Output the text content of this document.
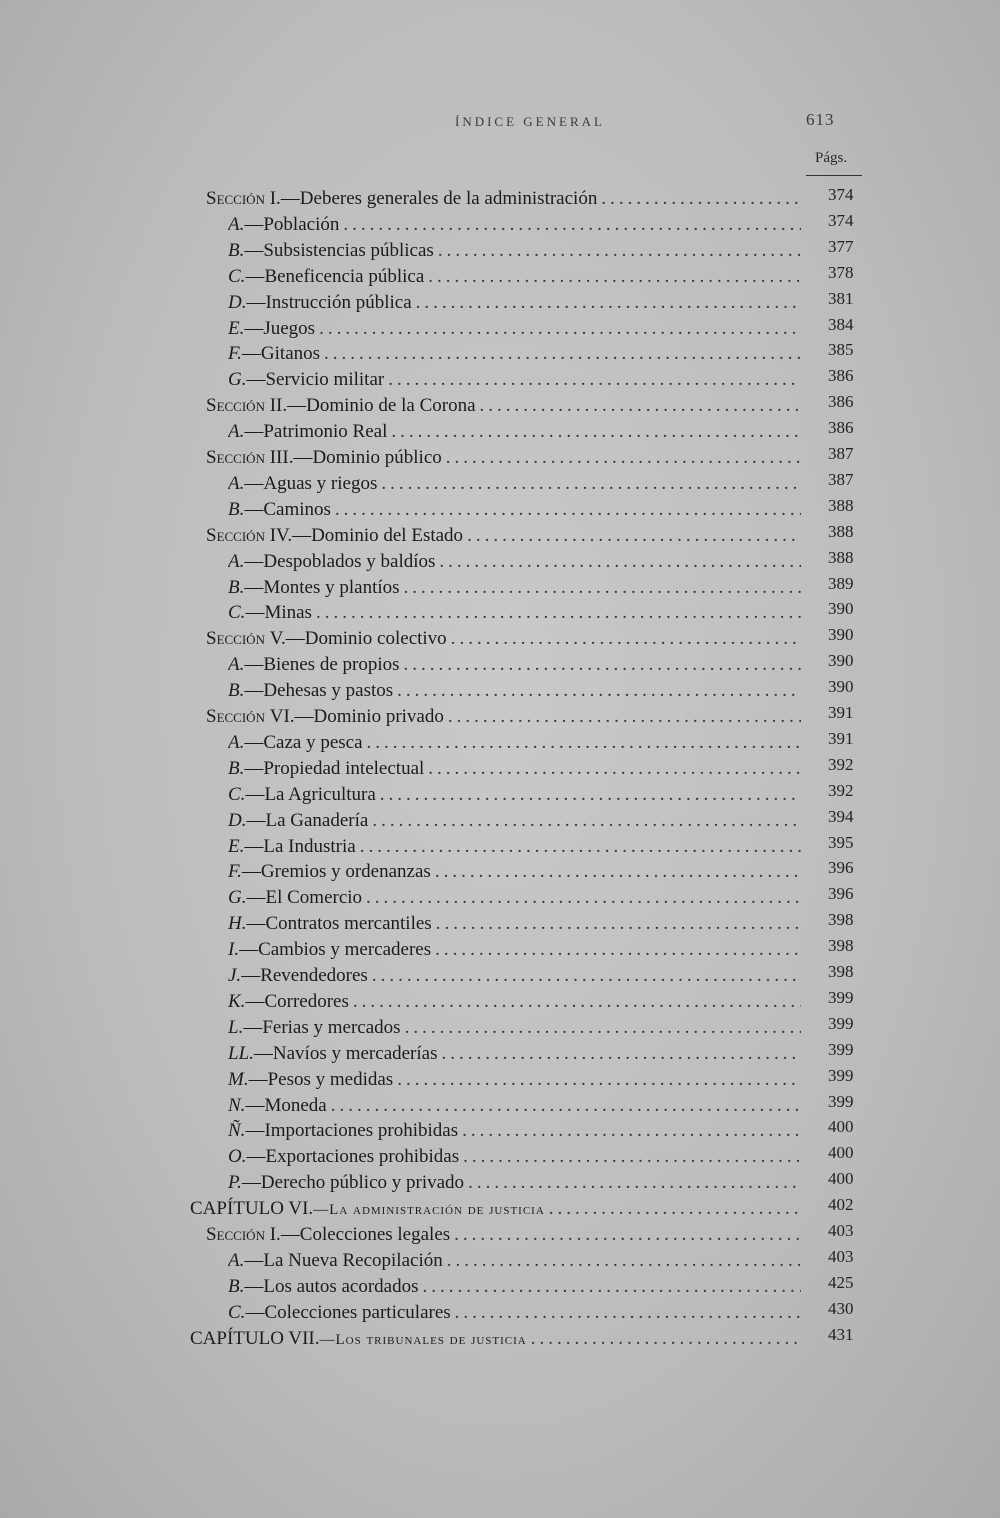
ÍNDICE GENERAL	613
Págs.
Sección I.—Deberes generales de la administración .....	374
A.—Población .....	374
B.—Subsistencias públicas .....	377
C.—Beneficencia pública .....	378
D.—Instrucción pública .....	381
E.—Juegos .....	384
F.—Gitanos .....	385
G.—Servicio militar .....	386
Sección II.—Dominio de la Corona .....	386
A.—Patrimonio Real .....	386
Sección III.—Dominio público .....	387
A.—Aguas y riegos .....	387
B.—Caminos .....	388
Sección IV.—Dominio del Estado .....	388
A.—Despoblados y baldíos .....	388
B.—Montes y plantíos .....	389
C.—Minas .....	390
Sección V.—Dominio colectivo .....	390
A.—Bienes de propios .....	390
B.—Dehesas y pastos .....	390
Sección VI.—Dominio privado .....	391
A.—Caza y pesca .....	391
B.—Propiedad intelectual .....	392
C.—La Agricultura .....	392
D.—La Ganadería .....	394
E.—La Industria .....	395
F.—Gremios y ordenanzas .....	396
G.—El Comercio .....	396
H.—Contratos mercantiles .....	398
I.—Cambios y mercaderes .....	398
J.—Revendedores .....	398
K.—Corredores .....	399
L.—Ferias y mercados .....	399
LL.—Navíos y mercaderías .....	399
M.—Pesos y medidas .....	399
N.—Moneda .....	399
Ñ.—Importaciones prohibidas .....	400
O.—Exportaciones prohibidas .....	400
P.—Derecho público y privado .....	400
CAPÍTULO VI.—La administración de justicia .....	402
Sección I.—Colecciones legales .....	403
A.—La Nueva Recopilación .....	403
B.—Los autos acordados .....	425
C.—Colecciones particulares .....	430
CAPÍTULO VII.—Los tribunales de justicia .....	431
